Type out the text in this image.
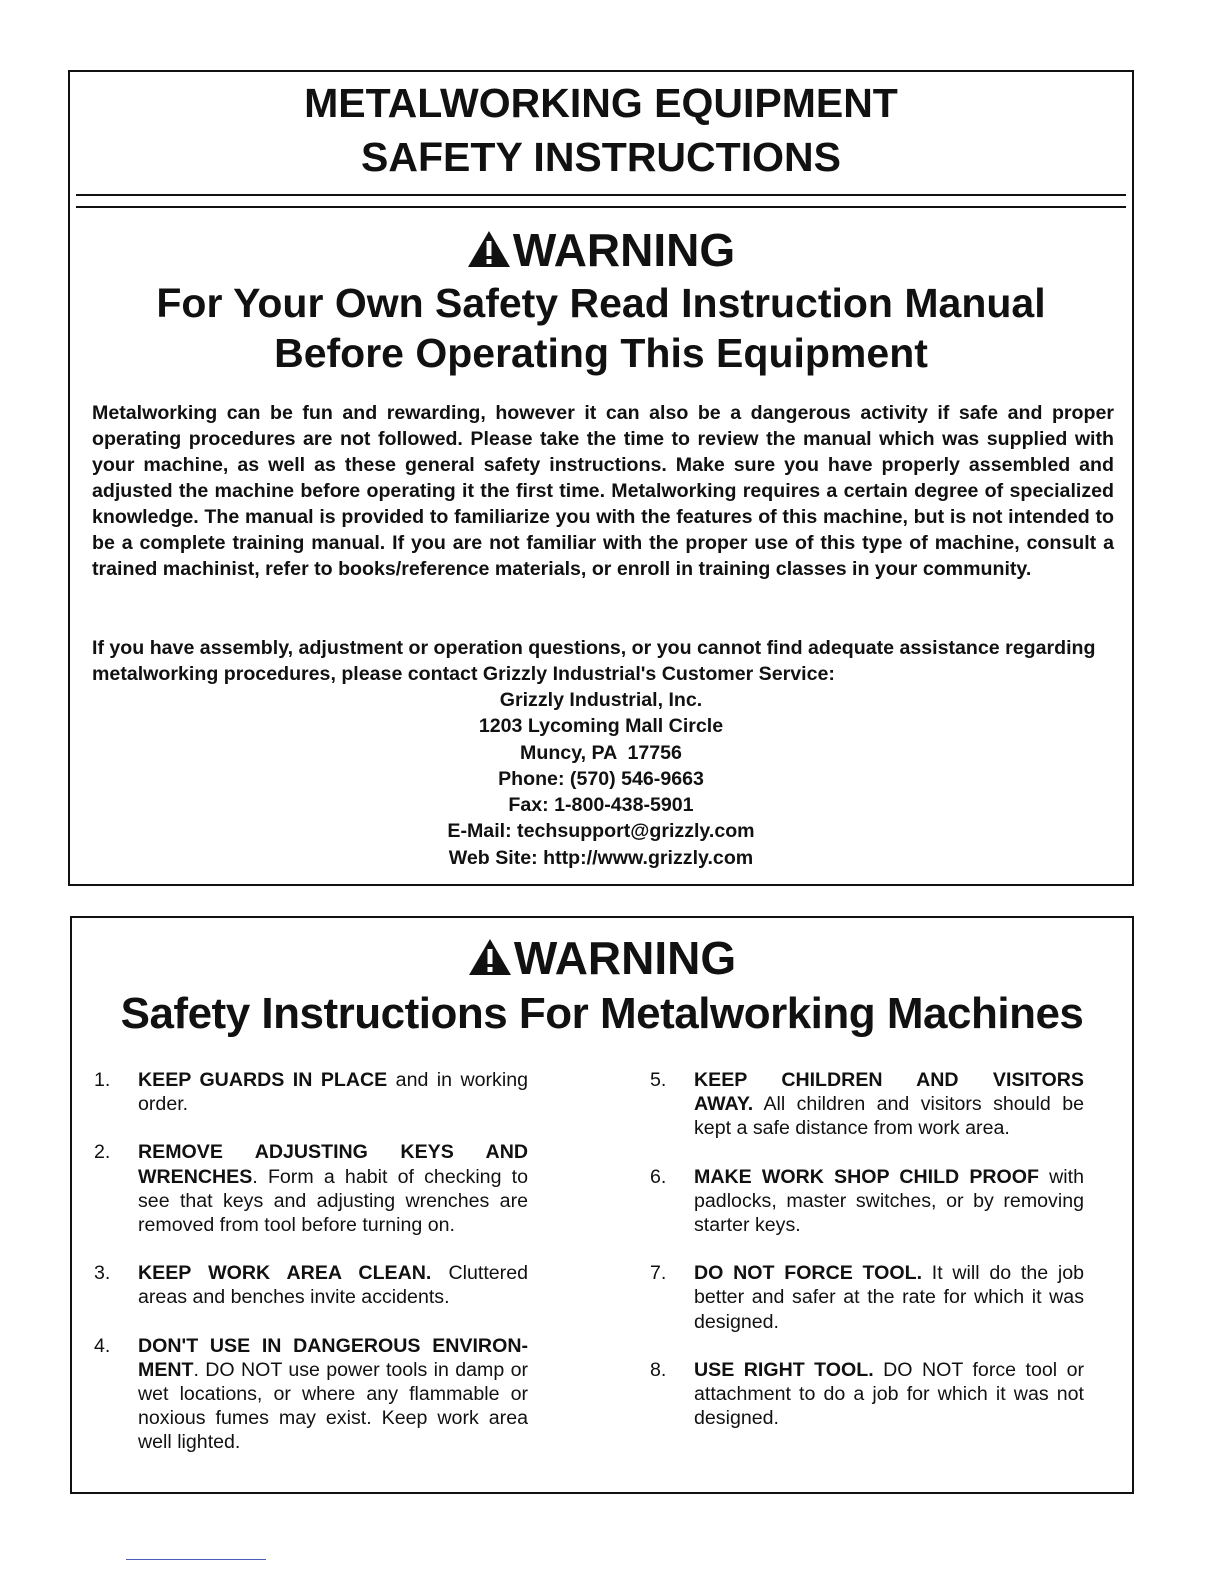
METALWORKING EQUIPMENT
SAFETY INSTRUCTIONS
WARNING
For Your Own Safety Read Instruction Manual
Before Operating This Equipment

Metalworking can be fun and rewarding, however it can also be a dangerous activity if safe and proper operating procedures are not followed. Please take the time to review the manual which was supplied with your machine, as well as these general safety instructions. Make sure you have properly assembled and adjusted the machine before operating it the first time. Metalworking requires a certain degree of specialized knowledge. The manual is provided to familiarize you with the features of this machine, but is not intended to be a complete training manual. If you are not familiar with the proper use of this type of machine, consult a trained machinist, refer to books/reference materials, or enroll in training classes in your community.

If you have assembly, adjustment or operation questions, or you cannot find adequate assistance regarding metalworking procedures, please contact Grizzly Industrial's Customer Service:

Grizzly Industrial, Inc.
1203 Lycoming Mall Circle
Muncy, PA  17756
Phone: (570) 546-9663
Fax: 1-800-438-5901
E-Mail: techsupport@grizzly.com
Web Site: http://www.grizzly.com
WARNING
Safety Instructions For Metalworking Machines
1.	KEEP GUARDS IN PLACE and in working order.
2.	REMOVE ADJUSTING KEYS AND
WRENCHES. Form a habit of checking to see that keys and adjusting wrenches are removed from tool before turning on.
3.	KEEP WORK AREA CLEAN. Cluttered areas and benches invite accidents.
4.	DON'T USE IN DANGEROUS ENVIRON-
MENT. DO NOT use power tools in damp or wet locations, or where any flammable or noxious fumes may exist. Keep work area well lighted.
5.	KEEP CHILDREN AND VISITORS
AWAY. All children and visitors should be kept a safe distance from work area.
6.	MAKE WORK SHOP CHILD PROOF with padlocks, master switches, or by removing starter keys.
7.	DO NOT FORCE TOOL. It will do the job better and safer at the rate for which it was designed.
8.	USE RIGHT TOOL. DO NOT force tool or attachment to do a job for which it was not designed.
